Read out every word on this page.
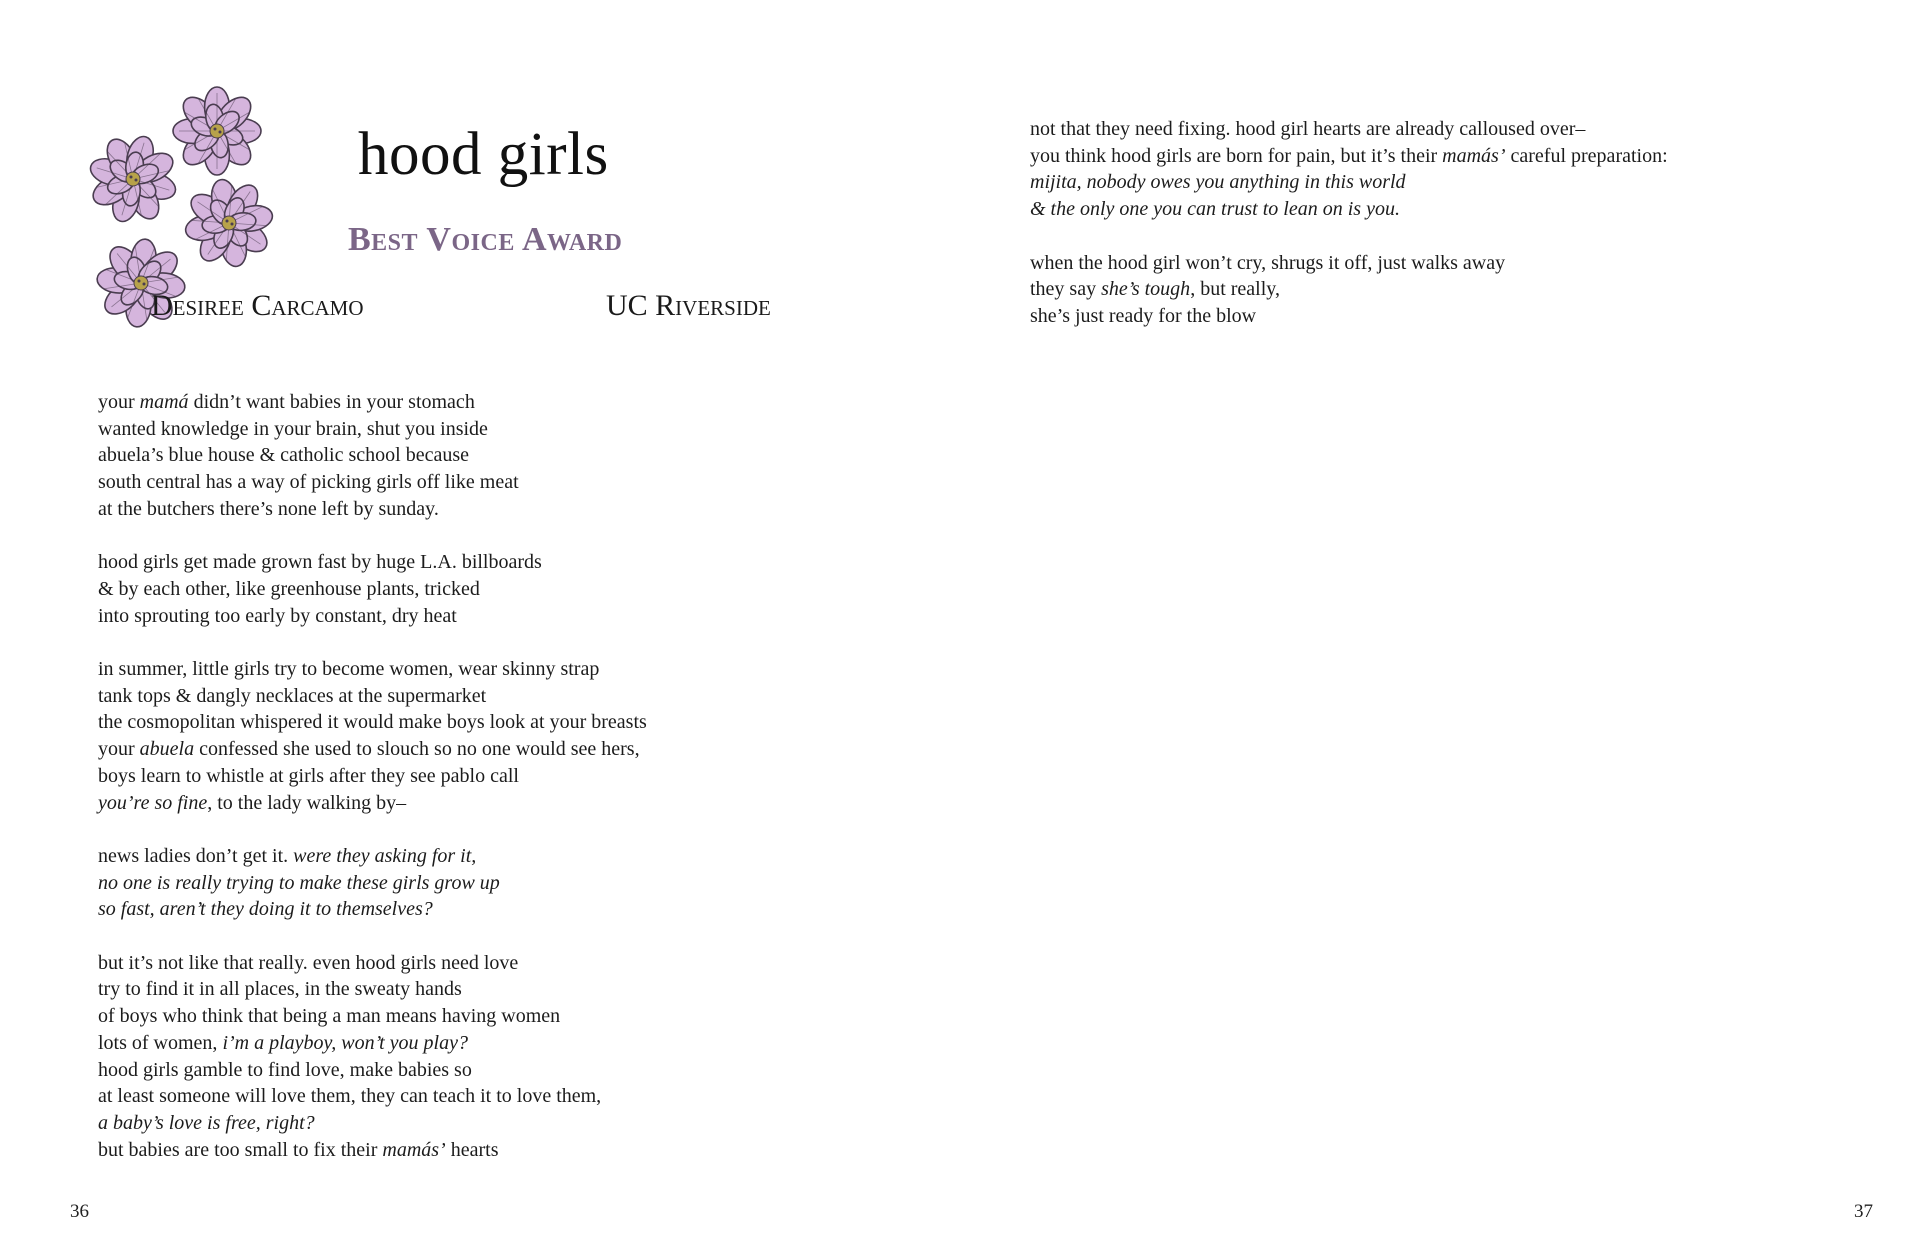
hood girls
Best Voice Award
Desiree Carcamo	UC Riverside
your mamá didn’t want babies in your stomach
wanted knowledge in your brain, shut you inside
abuela’s blue house & catholic school because
south central has a way of picking girls off like meat
at the butchers there’s none left by sunday.
hood girls get made grown fast by huge L.A. billboards
& by each other, like greenhouse plants, tricked
into sprouting too early by constant, dry heat
in summer, little girls try to become women, wear skinny strap
tank tops & dangly necklaces at the supermarket
the cosmopolitan whispered it would make boys look at your breasts
your abuela confessed she used to slouch so no one would see hers,
boys learn to whistle at girls after they see pablo call
you’re so fine, to the lady walking by–
news ladies don’t get it. were they asking for it,
no one is really trying to make these girls grow up
so fast, aren’t they doing it to themselves?
but it’s not like that really. even hood girls need love
try to find it in all places, in the sweaty hands
of boys who think that being a man means having women
lots of women, i’m a playboy, won’t you play?
hood girls gamble to find love, make babies so
at least someone will love them, they can teach it to love them,
a baby’s love is free, right?
but babies are too small to fix their mamás’ hearts
not that they need fixing. hood girl hearts are already calloused over–
you think hood girls are born for pain, but it’s their mamás’ careful preparation:
mijita, nobody owes you anything in this world
& the only one you can trust to lean on is you.
when the hood girl won’t cry, shrugs it off, just walks away
they say she’s tough, but really,
she’s just ready for the blow
36	37
